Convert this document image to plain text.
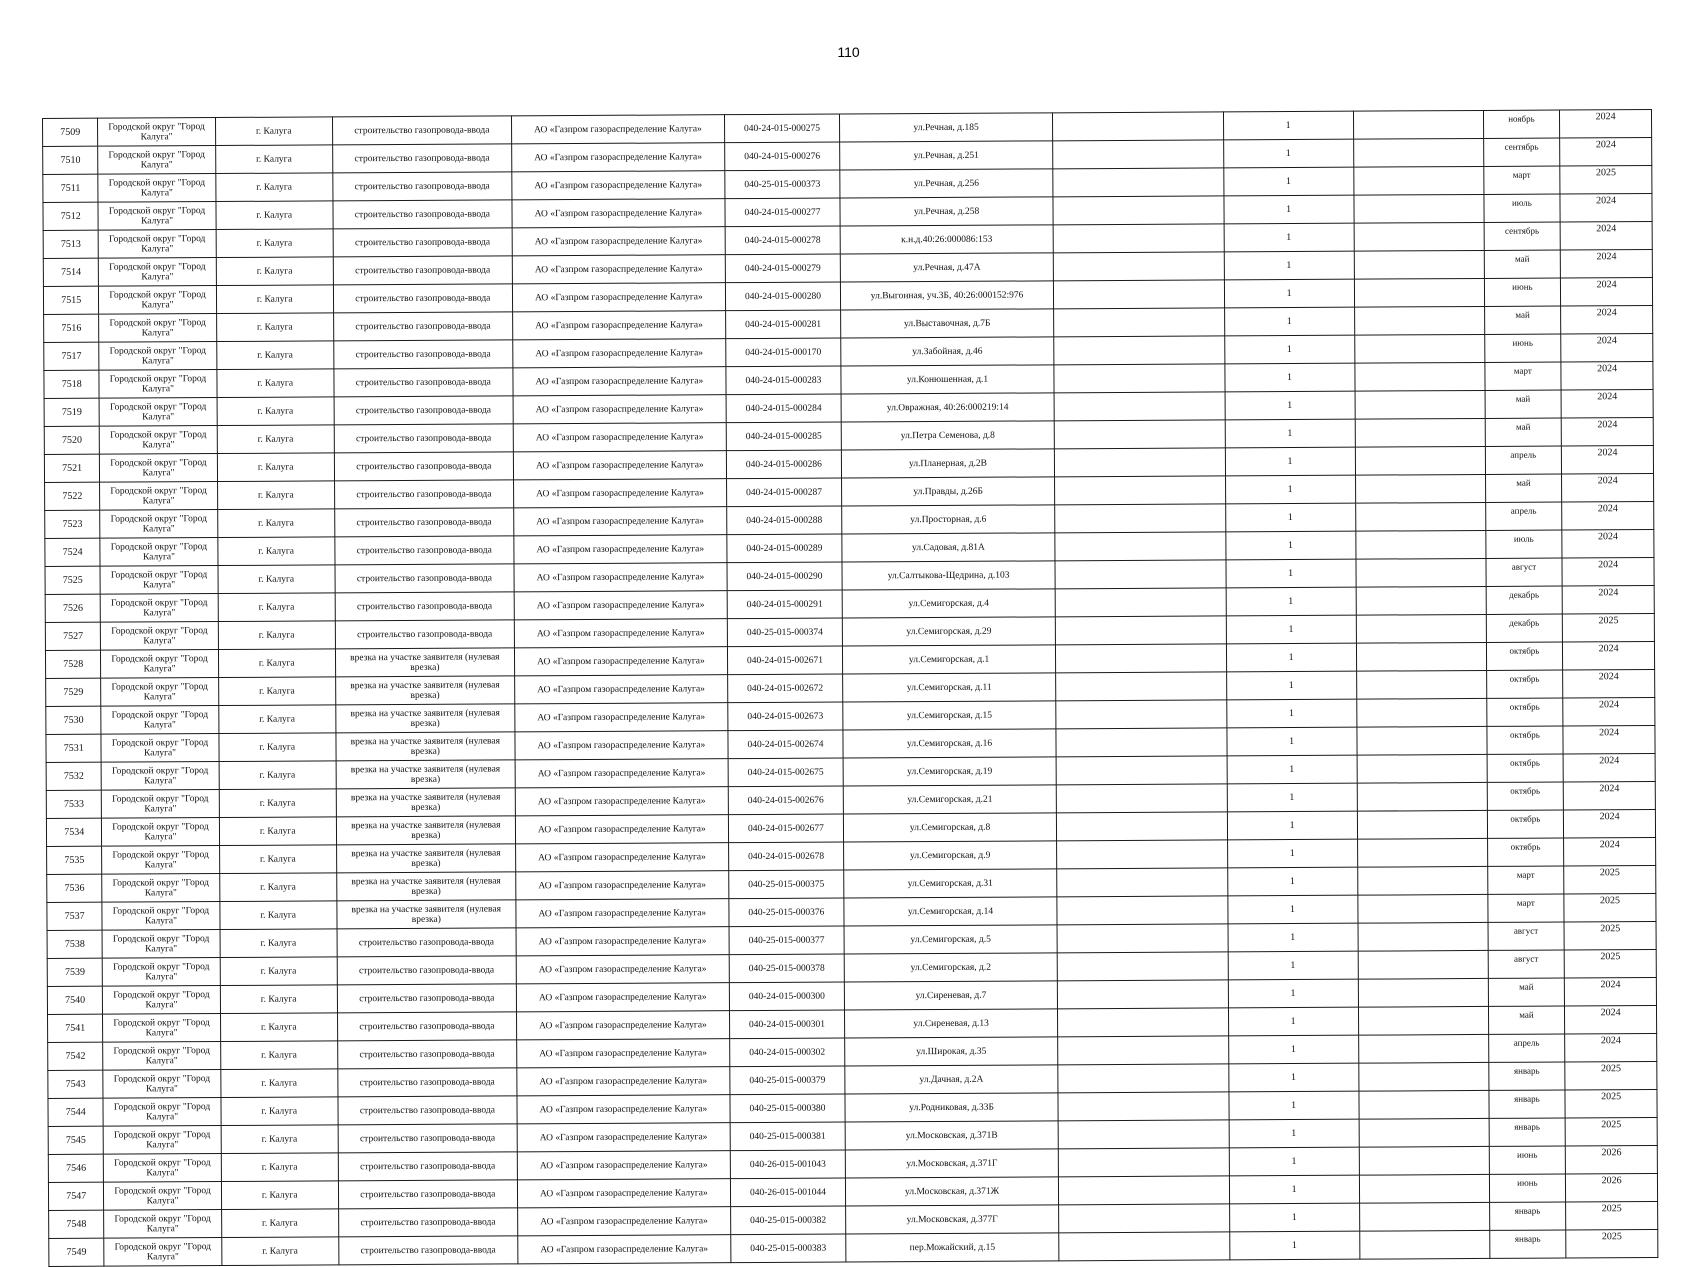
110
7509	Городской округ "Город Калуга"	г. Калуга	строительство газопровода-ввода	АО «Газпром газораспределение Калуга»	040-24-015-000275	ул.Речная, д.185		1		ноябрь	2024
7510	Городской округ "Город Калуга"	г. Калуга	строительство газопровода-ввода	АО «Газпром газораспределение Калуга»	040-24-015-000276	ул.Речная, д.251		1		сентябрь	2024
7511	Городской округ "Город Калуга"	г. Калуга	строительство газопровода-ввода	АО «Газпром газораспределение Калуга»	040-25-015-000373	ул.Речная, д.256		1		март	2025
7512	Городской округ "Город Калуга"	г. Калуга	строительство газопровода-ввода	АО «Газпром газораспределение Калуга»	040-24-015-000277	ул.Речная, д.258		1		июль	2024
7513	Городской округ "Город Калуга"	г. Калуга	строительство газопровода-ввода	АО «Газпром газораспределение Калуга»	040-24-015-000278	к.н.д.40:26:000086:153		1		сентябрь	2024
7514	Городской округ "Город Калуга"	г. Калуга	строительство газопровода-ввода	АО «Газпром газораспределение Калуга»	040-24-015-000279	ул.Речная, д.47А		1		май	2024
7515	Городской округ "Город Калуга"	г. Калуга	строительство газопровода-ввода	АО «Газпром газораспределение Калуга»	040-24-015-000280	ул.Выгонная, уч.3Б, 40:26:000152:976		1		июнь	2024
7516	Городской округ "Город Калуга"	г. Калуга	строительство газопровода-ввода	АО «Газпром газораспределение Калуга»	040-24-015-000281	ул.Выставочная, д.7Б		1		май	2024
7517	Городской округ "Город Калуга"	г. Калуга	строительство газопровода-ввода	АО «Газпром газораспределение Калуга»	040-24-015-000170	ул.Забойная, д.46		1		июнь	2024
7518	Городской округ "Город Калуга"	г. Калуга	строительство газопровода-ввода	АО «Газпром газораспределение Калуга»	040-24-015-000283	ул.Конюшенная, д.1		1		март	2024
7519	Городской округ "Город Калуга"	г. Калуга	строительство газопровода-ввода	АО «Газпром газораспределение Калуга»	040-24-015-000284	ул.Овражная, 40:26:000219:14		1		май	2024
7520	Городской округ "Город Калуга"	г. Калуга	строительство газопровода-ввода	АО «Газпром газораспределение Калуга»	040-24-015-000285	ул.Петра Семенова, д.8		1		май	2024
7521	Городской округ "Город Калуга"	г. Калуга	строительство газопровода-ввода	АО «Газпром газораспределение Калуга»	040-24-015-000286	ул.Планерная, д.2В		1		апрель	2024
7522	Городской округ "Город Калуга"	г. Калуга	строительство газопровода-ввода	АО «Газпром газораспределение Калуга»	040-24-015-000287	ул.Правды, д.26Б		1		май	2024
7523	Городской округ "Город Калуга"	г. Калуга	строительство газопровода-ввода	АО «Газпром газораспределение Калуга»	040-24-015-000288	ул.Просторная, д.6		1		апрель	2024
7524	Городской округ "Город Калуга"	г. Калуга	строительство газопровода-ввода	АО «Газпром газораспределение Калуга»	040-24-015-000289	ул.Садовая, д.81А		1		июль	2024
7525	Городской округ "Город Калуга"	г. Калуга	строительство газопровода-ввода	АО «Газпром газораспределение Калуга»	040-24-015-000290	ул.Салтыкова-Щедрина, д.103		1		август	2024
7526	Городской округ "Город Калуга"	г. Калуга	строительство газопровода-ввода	АО «Газпром газораспределение Калуга»	040-24-015-000291	ул.Семигорская, д.4		1		декабрь	2024
7527	Городской округ "Город Калуга"	г. Калуга	строительство газопровода-ввода	АО «Газпром газораспределение Калуга»	040-25-015-000374	ул.Семигорская, д.29		1		декабрь	2025
7528	Городской округ "Город Калуга"	г. Калуга	врезка на участке заявителя (нулевая врезка)	АО «Газпром газораспределение Калуга»	040-24-015-002671	ул.Семигорская, д.1		1		октябрь	2024
7529	Городской округ "Город Калуга"	г. Калуга	врезка на участке заявителя (нулевая врезка)	АО «Газпром газораспределение Калуга»	040-24-015-002672	ул.Семигорская, д.11		1		октябрь	2024
7530	Городской округ "Город Калуга"	г. Калуга	врезка на участке заявителя (нулевая врезка)	АО «Газпром газораспределение Калуга»	040-24-015-002673	ул.Семигорская, д.15		1		октябрь	2024
7531	Городской округ "Город Калуга"	г. Калуга	врезка на участке заявителя (нулевая врезка)	АО «Газпром газораспределение Калуга»	040-24-015-002674	ул.Семигорская, д.16		1		октябрь	2024
7532	Городской округ "Город Калуга"	г. Калуга	врезка на участке заявителя (нулевая врезка)	АО «Газпром газораспределение Калуга»	040-24-015-002675	ул.Семигорская, д.19		1		октябрь	2024
7533	Городской округ "Город Калуга"	г. Калуга	врезка на участке заявителя (нулевая врезка)	АО «Газпром газораспределение Калуга»	040-24-015-002676	ул.Семигорская, д.21		1		октябрь	2024
7534	Городской округ "Город Калуга"	г. Калуга	врезка на участке заявителя (нулевая врезка)	АО «Газпром газораспределение Калуга»	040-24-015-002677	ул.Семигорская, д.8		1		октябрь	2024
7535	Городской округ "Город Калуга"	г. Калуга	врезка на участке заявителя (нулевая врезка)	АО «Газпром газораспределение Калуга»	040-24-015-002678	ул.Семигорская, д.9		1		октябрь	2024
7536	Городской округ "Город Калуга"	г. Калуга	врезка на участке заявителя (нулевая врезка)	АО «Газпром газораспределение Калуга»	040-25-015-000375	ул.Семигорская, д.31		1		март	2025
7537	Городской округ "Город Калуга"	г. Калуга	врезка на участке заявителя (нулевая врезка)	АО «Газпром газораспределение Калуга»	040-25-015-000376	ул.Семигорская, д.14		1		март	2025
7538	Городской округ "Город Калуга"	г. Калуга	строительство газопровода-ввода	АО «Газпром газораспределение Калуга»	040-25-015-000377	ул.Семигорская, д.5		1		август	2025
7539	Городской округ "Город Калуга"	г. Калуга	строительство газопровода-ввода	АО «Газпром газораспределение Калуга»	040-25-015-000378	ул.Семигорская, д.2		1		август	2025
7540	Городской округ "Город Калуга"	г. Калуга	строительство газопровода-ввода	АО «Газпром газораспределение Калуга»	040-24-015-000300	ул.Сиреневая, д.7		1		май	2024
7541	Городской округ "Город Калуга"	г. Калуга	строительство газопровода-ввода	АО «Газпром газораспределение Калуга»	040-24-015-000301	ул.Сиреневая, д.13		1		май	2024
7542	Городской округ "Город Калуга"	г. Калуга	строительство газопровода-ввода	АО «Газпром газораспределение Калуга»	040-24-015-000302	ул.Широкая, д.35		1		апрель	2024
7543	Городской округ "Город Калуга"	г. Калуга	строительство газопровода-ввода	АО «Газпром газораспределение Калуга»	040-25-015-000379	ул.Дачная, д.2А		1		январь	2025
7544	Городской округ "Город Калуга"	г. Калуга	строительство газопровода-ввода	АО «Газпром газораспределение Калуга»	040-25-015-000380	ул.Родниковая, д.33Б		1		январь	2025
7545	Городской округ "Город Калуга"	г. Калуга	строительство газопровода-ввода	АО «Газпром газораспределение Калуга»	040-25-015-000381	ул.Московская, д.371В		1		январь	2025
7546	Городской округ "Город Калуга"	г. Калуга	строительство газопровода-ввода	АО «Газпром газораспределение Калуга»	040-26-015-001043	ул.Московская, д.371Г		1		июнь	2026
7547	Городской округ "Город Калуга"	г. Калуга	строительство газопровода-ввода	АО «Газпром газораспределение Калуга»	040-26-015-001044	ул.Московская, д.371Ж		1		июнь	2026
7548	Городской округ "Город Калуга"	г. Калуга	строительство газопровода-ввода	АО «Газпром газораспределение Калуга»	040-25-015-000382	ул.Московская, д.377Г		1		январь	2025
7549	Городской округ "Город Калуга"	г. Калуга	строительство газопровода-ввода	АО «Газпром газораспределение Калуга»	040-25-015-000383	пер.Можайский, д.15		1		январь	2025
